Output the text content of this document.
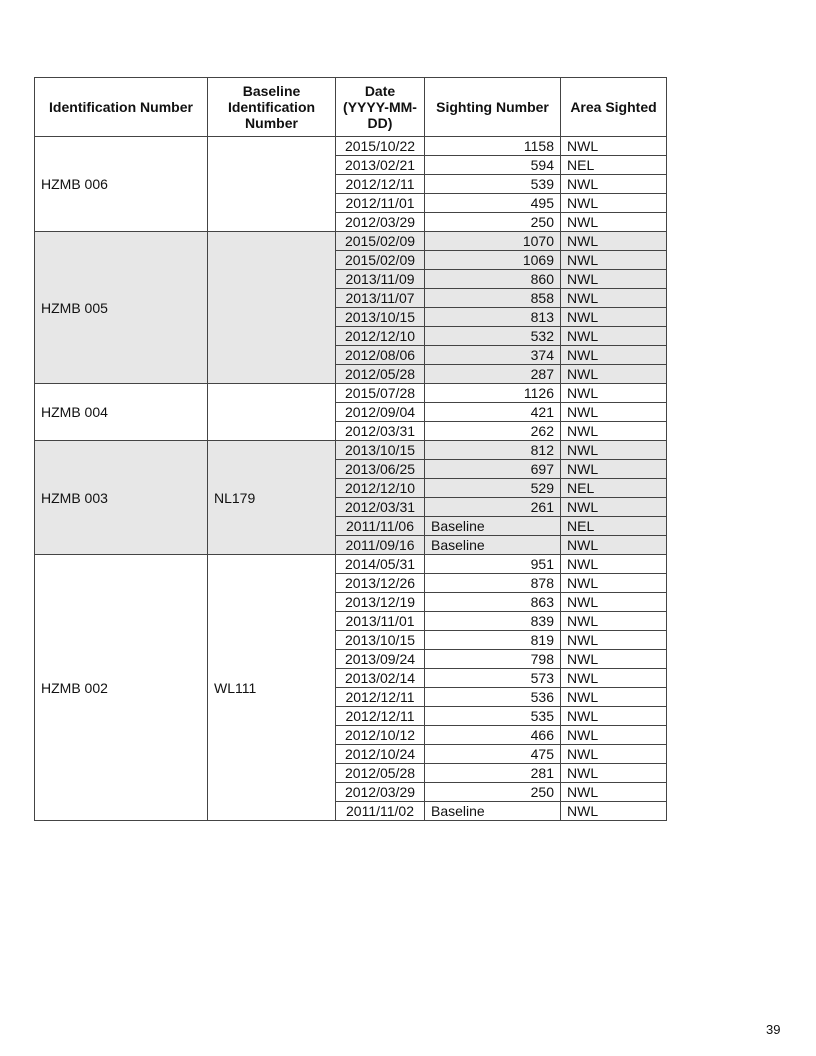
Identification Number	Baseline Identification Number	Date (YYYY-MM-DD)	Sighting Number	Area Sighted
HZMB 006		2015/10/22	1158	NWL
		2013/02/21	594	NEL
		2012/12/11	539	NWL
		2012/11/01	495	NWL
		2012/03/29	250	NWL
HZMB 005		2015/02/09	1070	NWL
		2015/02/09	1069	NWL
		2013/11/09	860	NWL
		2013/11/07	858	NWL
		2013/10/15	813	NWL
		2012/12/10	532	NWL
		2012/08/06	374	NWL
		2012/05/28	287	NWL
HZMB 004		2015/07/28	1126	NWL
		2012/09/04	421	NWL
		2012/03/31	262	NWL
HZMB 003	NL179	2013/10/15	812	NWL
		2013/06/25	697	NWL
		2012/12/10	529	NEL
		2012/03/31	261	NWL
		2011/11/06	Baseline	NEL
		2011/09/16	Baseline	NWL
HZMB 002	WL111	2014/05/31	951	NWL
		2013/12/26	878	NWL
		2013/12/19	863	NWL
		2013/11/01	839	NWL
		2013/10/15	819	NWL
		2013/09/24	798	NWL
		2013/02/14	573	NWL
		2012/12/11	536	NWL
		2012/12/11	535	NWL
		2012/10/12	466	NWL
		2012/10/24	475	NWL
		2012/05/28	281	NWL
		2012/03/29	250	NWL
		2011/11/02	Baseline	NWL
39
